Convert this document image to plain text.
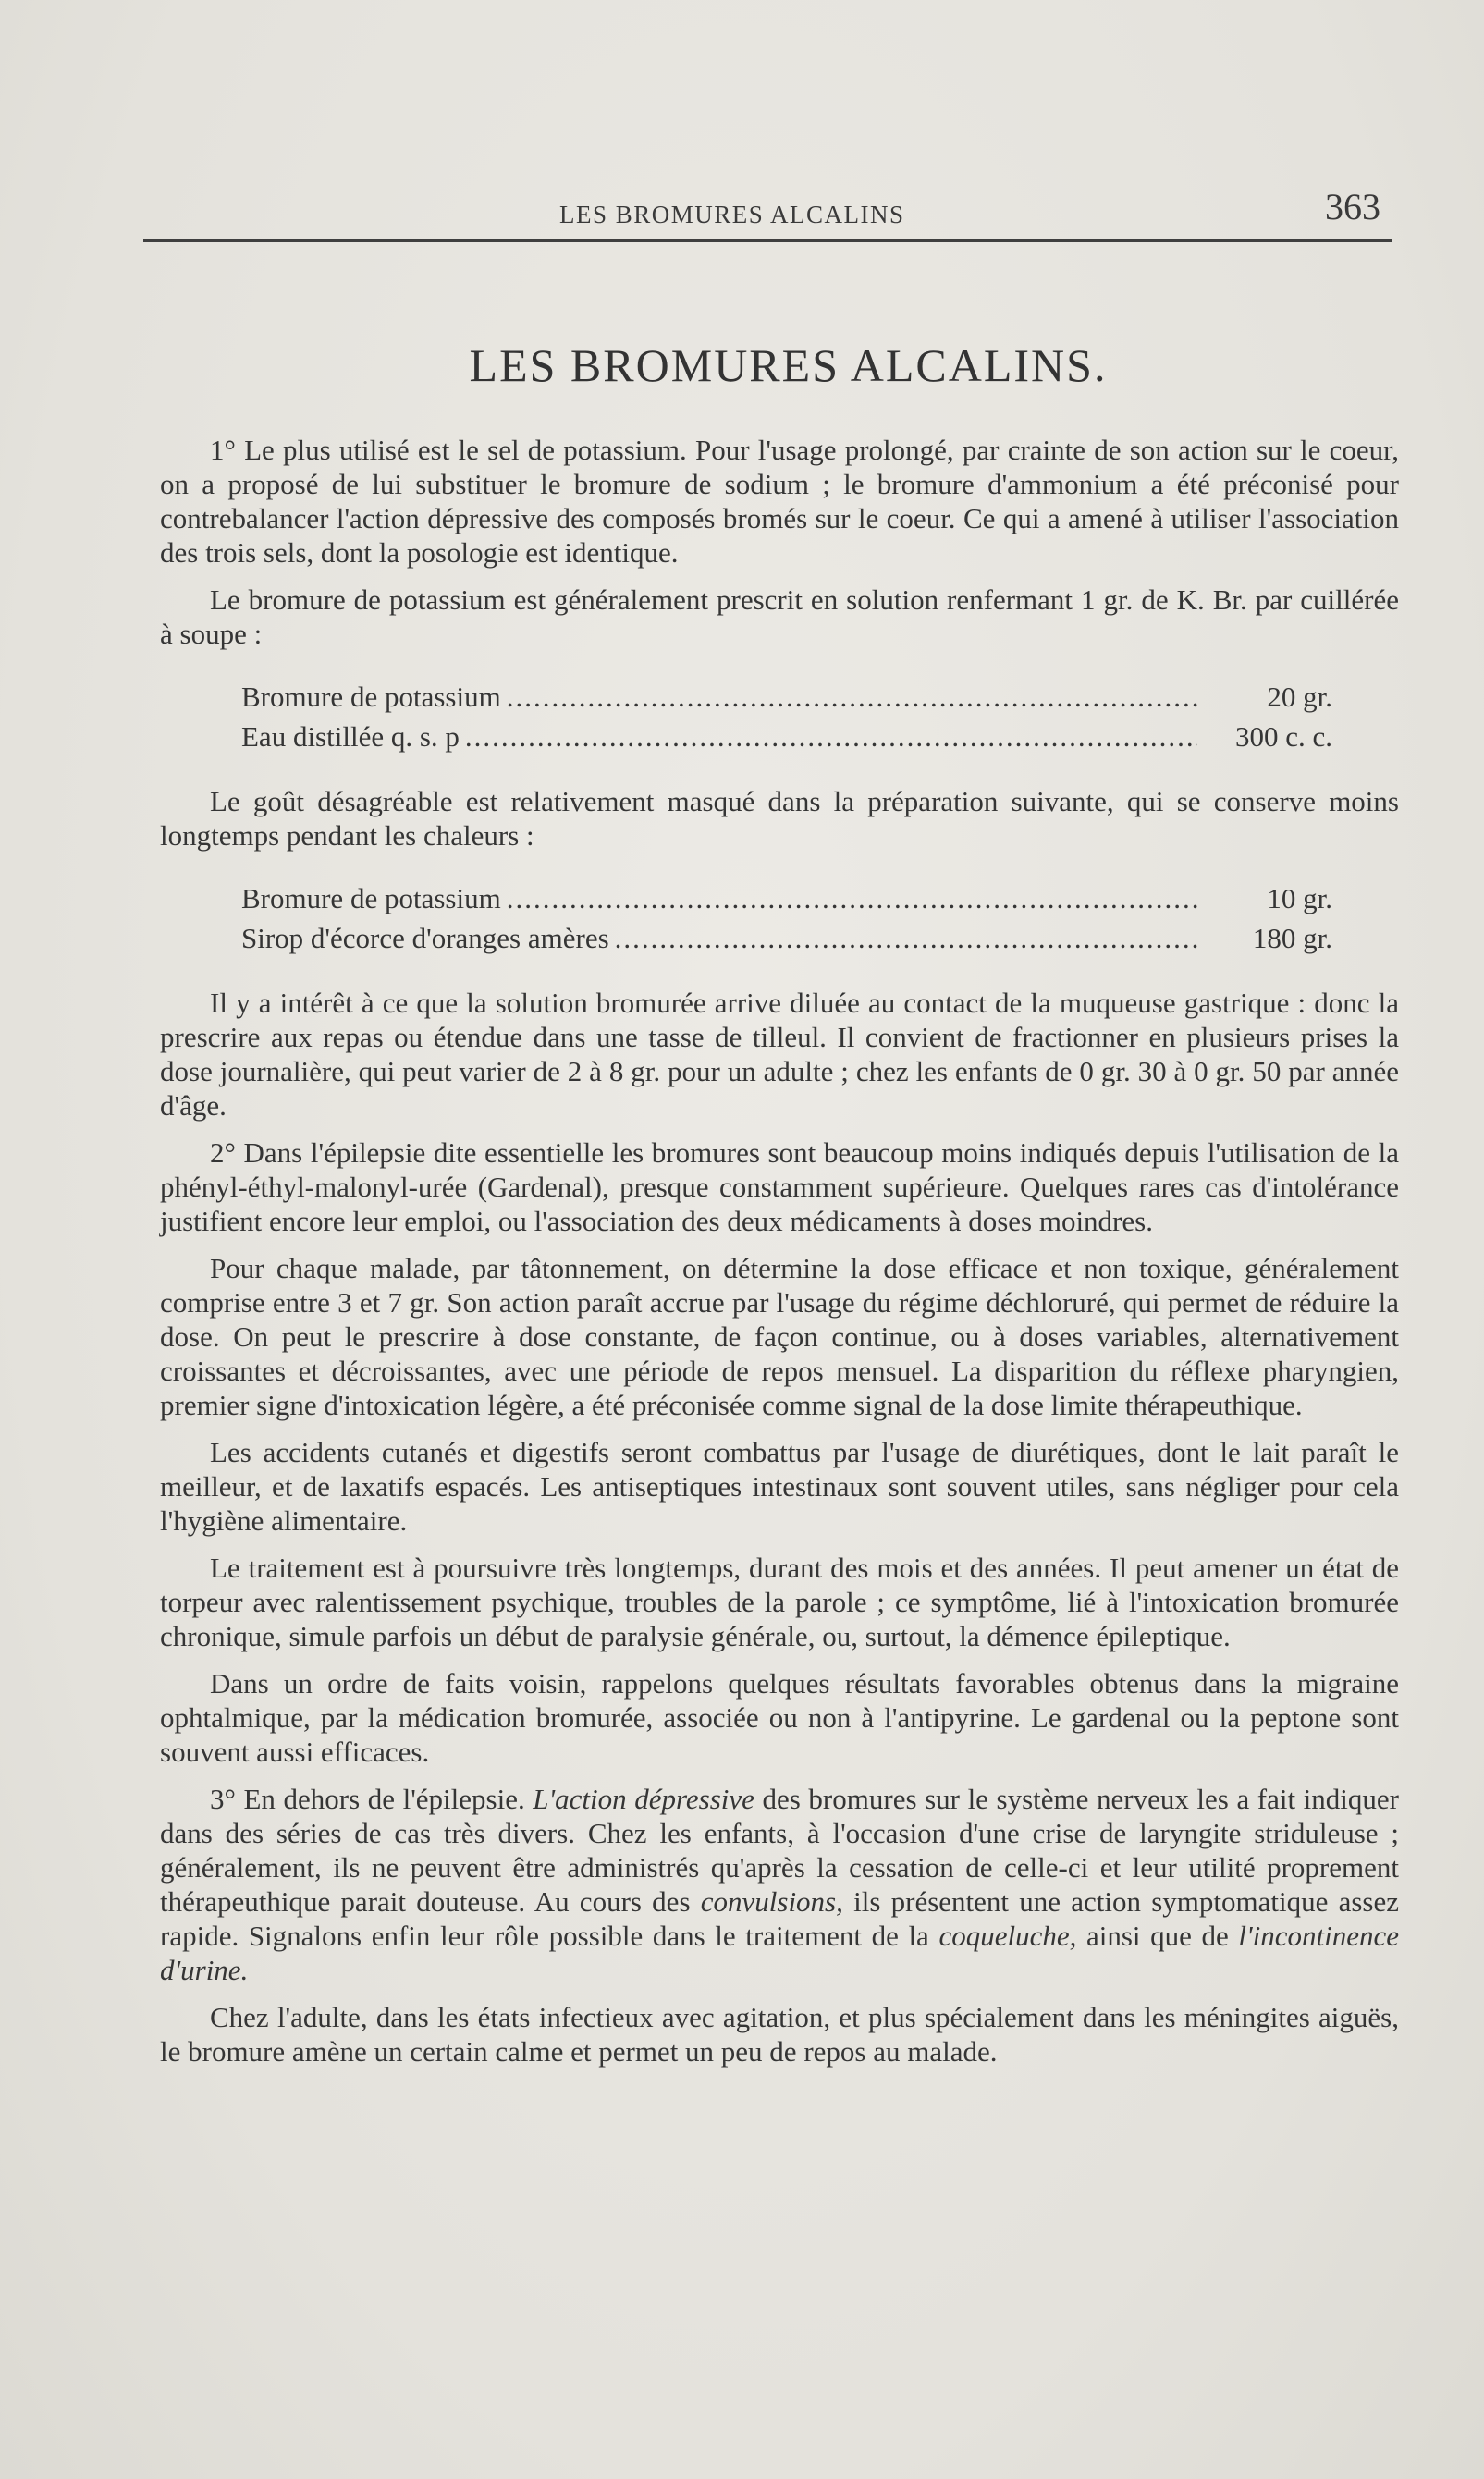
LES BROMURES ALCALINS	363
LES BROMURES ALCALINS.

1° Le plus utilisé est le sel de potassium. Pour l'usage prolongé, par crainte de son action sur le coeur, on a proposé de lui substituer le bromure de sodium ; le bromure d'ammonium a été préconisé pour contrebalancer l'action dépressive des composés bromés sur le coeur. Ce qui a amené à utiliser l'association des trois sels, dont la posologie est identique.

Le bromure de potassium est généralement prescrit en solution renfermant 1 gr. de K. Br. par cuillérée à soupe :

Bromure de potassium .....	20 gr.
Eau distillée q. s. p .....	300 c. c.

Le goût désagréable est relativement masqué dans la préparation suivante, qui se conserve moins longtemps pendant les chaleurs :

Bromure de potassium .....	10 gr.
Sirop d'écorce d'oranges amères .....	180 gr.

Il y a intérêt à ce que la solution bromurée arrive diluée au contact de la muqueuse gastrique : donc la prescrire aux repas ou étendue dans une tasse de tilleul. Il convient de fractionner en plusieurs prises la dose journalière, qui peut varier de 2 à 8 gr. pour un adulte ; chez les enfants de 0 gr. 30 à 0 gr. 50 par année d'âge.

2° Dans l'épilepsie dite essentielle les bromures sont beaucoup moins indiqués depuis l'utilisation de la phényl-éthyl-malonyl-urée (Gardenal), presque constamment supérieure. Quelques rares cas d'intolérance justifient encore leur emploi, ou l'association des deux médicaments à doses moindres.

Pour chaque malade, par tâtonnement, on détermine la dose efficace et non toxique, généralement comprise entre 3 et 7 gr. Son action paraît accrue par l'usage du régime déchloruré, qui permet de réduire la dose. On peut le prescrire à dose constante, de façon continue, ou à doses variables, alternativement croissantes et décroissantes, avec une période de repos mensuel. La disparition du réflexe pharyngien, premier signe d'intoxication légère, a été préconisée comme signal de la dose limite thérapeuthique.

Les accidents cutanés et digestifs seront combattus par l'usage de diurétiques, dont le lait paraît le meilleur, et de laxatifs espacés. Les antiseptiques intestinaux sont souvent utiles, sans négliger pour cela l'hygiène alimentaire.

Le traitement est à poursuivre très longtemps, durant des mois et des années. Il peut amener un état de torpeur avec ralentissement psychique, troubles de la parole ; ce symptôme, lié à l'intoxication bromurée chronique, simule parfois un début de paralysie générale, ou, surtout, la démence épileptique.

Dans un ordre de faits voisin, rappelons quelques résultats favorables obtenus dans la migraine ophtalmique, par la médication bromurée, associée ou non à l'antipyrine. Le gardenal ou la peptone sont souvent aussi efficaces.

3° En dehors de l'épilepsie. L'action dépressive des bromures sur le système nerveux les a fait indiquer dans des séries de cas très divers. Chez les enfants, à l'occasion d'une crise de laryngite striduleuse ; généralement, ils ne peuvent être administrés qu'après la cessation de celle-ci et leur utilité proprement thérapeuthique parait douteuse. Au cours des convulsions, ils présentent une action symptomatique assez rapide. Signalons enfin leur rôle possible dans le traitement de la coqueluche, ainsi que de l'incontinence d'urine.

Chez l'adulte, dans les états infectieux avec agitation, et plus spécialement dans les méningites aiguës, le bromure amène un certain calme et permet un peu de repos au malade.
